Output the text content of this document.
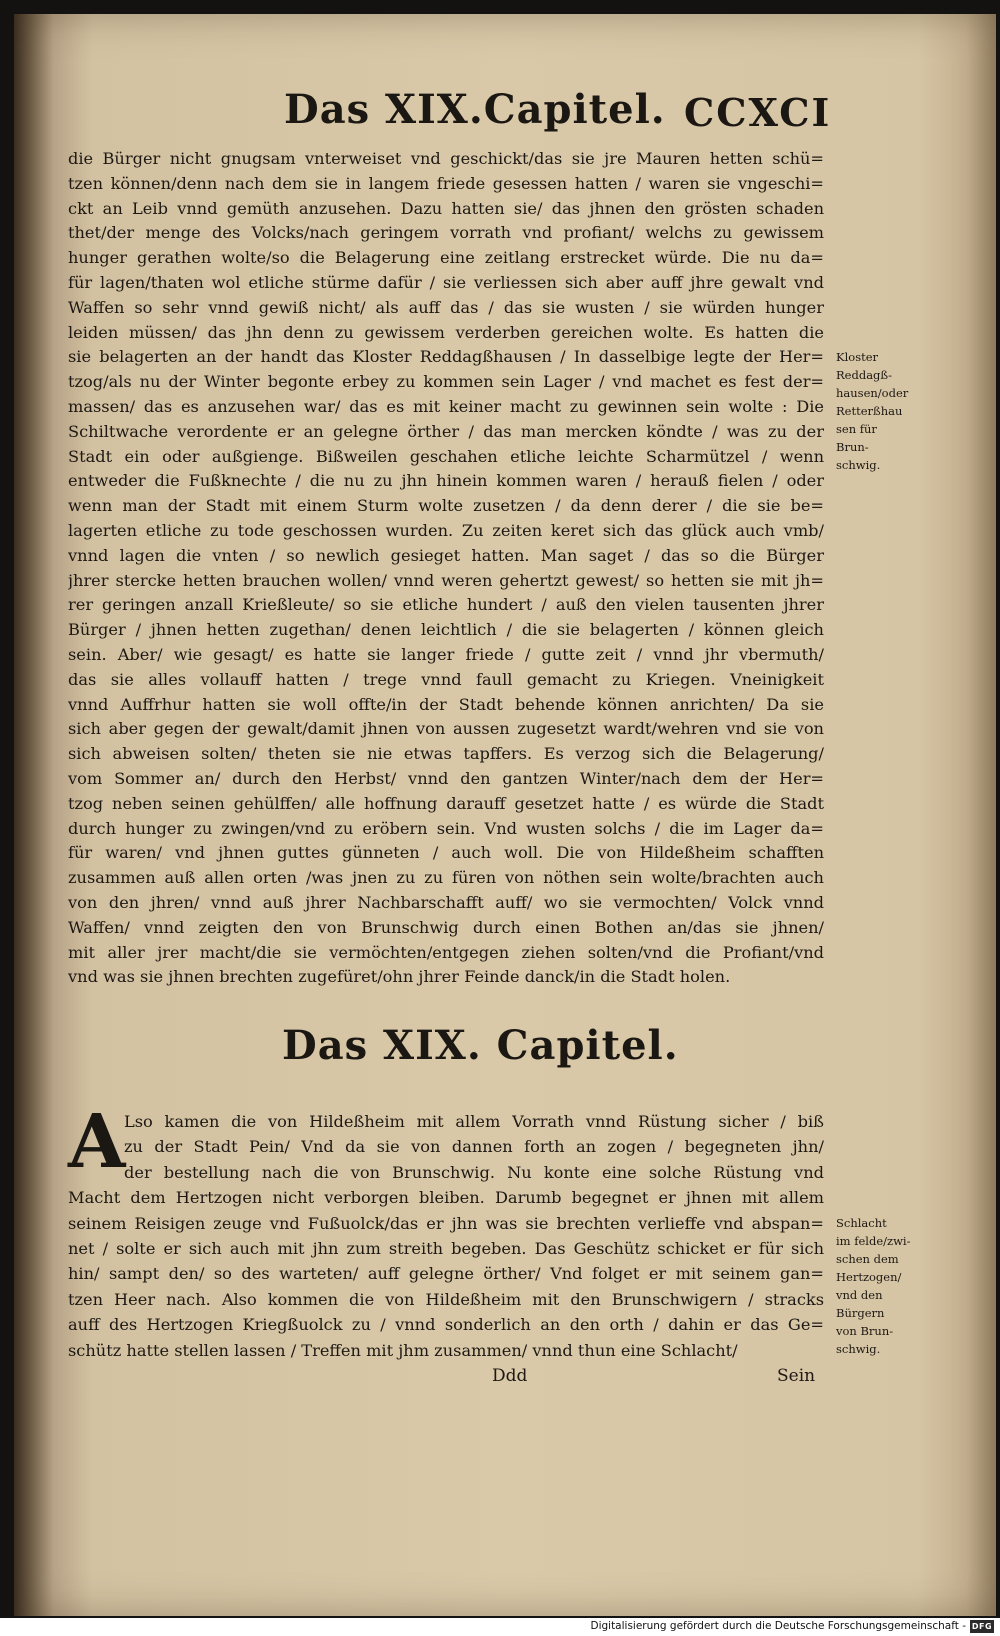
Das XIX.Capitel. CCXCI
die Bürger nicht gnugsam vnterweiset vnd geschickt/das sie jre Mauren hetten schü=
tzen können/denn nach dem sie in langem friede gesessen hatten / waren sie vngeschi=
ckt an Leib vnnd gemüth anzusehen. Dazu hatten sie/ das jhnen den grösten schaden
thet/der menge des Volcks/nach geringem vorrath vnd profiant/ welchs zu gewissem
hunger gerathen wolte/so die Belagerung eine zeitlang erstrecket würde. Die nu da=
für lagen/thaten wol etliche stürme dafür / sie verliessen sich aber auff jhre gewalt vnd
Waffen so sehr vnnd gewiß nicht/ als auff das / das sie wusten / sie würden hunger
leiden müssen/ das jhn denn zu gewissem verderben gereichen wolte. Es hatten die
sie belagerten an der handt das Kloster Reddagßhausen / In dasselbige legte der Her=
tzog/als nu der Winter begonte erbey zu kommen sein Lager / vnd machet es fest der=
massen/ das es anzusehen war/ das es mit keiner macht zu gewinnen sein wolte : Die
Schiltwache verordente er an gelegne örther / das man mercken köndte / was zu der
Stadt ein oder außgienge. Bißweilen geschahen etliche leichte Scharmützel / wenn
entweder die Fußknechte / die nu zu jhn hinein kommen waren / herauß fielen / oder
wenn man der Stadt mit einem Sturm wolte zusetzen / da denn derer / die sie be=
lagerten etliche zu tode geschossen wurden. Zu zeiten keret sich das glück auch vmb/
vnnd lagen die vnten / so newlich gesieget hatten. Man saget / das so die Bürger
jhrer stercke hetten brauchen wollen/ vnnd weren gehertzt gewest/ so hetten sie mit jh=
rer geringen anzall Krießleute/ so sie etliche hundert / auß den vielen tausenten jhrer
Bürger / jhnen hetten zugethan/ denen leichtlich / die sie belagerten / können gleich
sein. Aber/ wie gesagt/ es hatte sie langer friede / gutte zeit / vnnd jhr vbermuth/
das sie alles vollauff hatten / trege vnnd faull gemacht zu Kriegen. Vneinigkeit
vnnd Auffrhur hatten sie woll offte/in der Stadt behende können anrichten/ Da sie
sich aber gegen der gewalt/damit jhnen von aussen zugesetzt wardt/wehren vnd sie von
sich abweisen solten/ theten sie nie etwas tapffers. Es verzog sich die Belagerung/
vom Sommer an/ durch den Herbst/ vnnd den gantzen Winter/nach dem der Her=
tzog neben seinen gehülffen/ alle hoffnung darauff gesetzet hatte / es würde die Stadt
durch hunger zu zwingen/vnd zu eröbern sein. Vnd wusten solchs / die im Lager da=
für waren/ vnd jhnen guttes günneten / auch woll. Die von Hildeßheim schafften
zusammen auß allen orten /was jnen zu zu füren von nöthen sein wolte/brachten auch
von den jhren/ vnnd auß jhrer Nachbarschafft auff/ wo sie vermochten/ Volck vnnd
Waffen/ vnnd zeigten den von Brunschwig durch einen Bothen an/das sie jhnen/
mit aller jrer macht/die sie vermöchten/entgegen ziehen solten/vnd die Profiant/vnd
vnd was sie jhnen brechten zugefüret/ohn jhrer Feinde danck/in die Stadt holen.
Kloster
Reddagß-
hausen/oder
Retterßhau
sen für
Brun-
schwig.
Das XIX. Capitel.
A
Lso kamen die von Hildeßheim mit allem Vorrath vnnd Rüstung sicher / biß
zu der Stadt Pein/ Vnd da sie von dannen forth an zogen / begegneten jhn/
der bestellung nach die von Brunschwig. Nu konte eine solche Rüstung vnd
Macht dem Hertzogen nicht verborgen bleiben. Darumb begegnet er jhnen mit allem
seinem Reisigen zeuge vnd Fußuolck/das er jhn was sie brechten verlieffe vnd abspan=
net / solte er sich auch mit jhn zum streith begeben. Das Geschütz schicket er für sich
hin/ sampt den/ so des warteten/ auff gelegne örther/ Vnd folget er mit seinem gan=
tzen Heer nach. Also kommen die von Hildeßheim mit den Brunschwigern / stracks
auff des Hertzogen Kriegßuolck zu / vnnd sonderlich an den orth / dahin er das Ge=
schütz hatte stellen lassen / Treffen mit jhm zusammen/ vnnd thun eine Schlacht/
Schlacht
im felde/zwi-
schen dem
Hertzogen/
vnd den
Bürgern
von Brun-
schwig.
Ddd	Sein
Digitalisierung gefördert durch die Deutsche Forschungsgemeinschaft - DFG
